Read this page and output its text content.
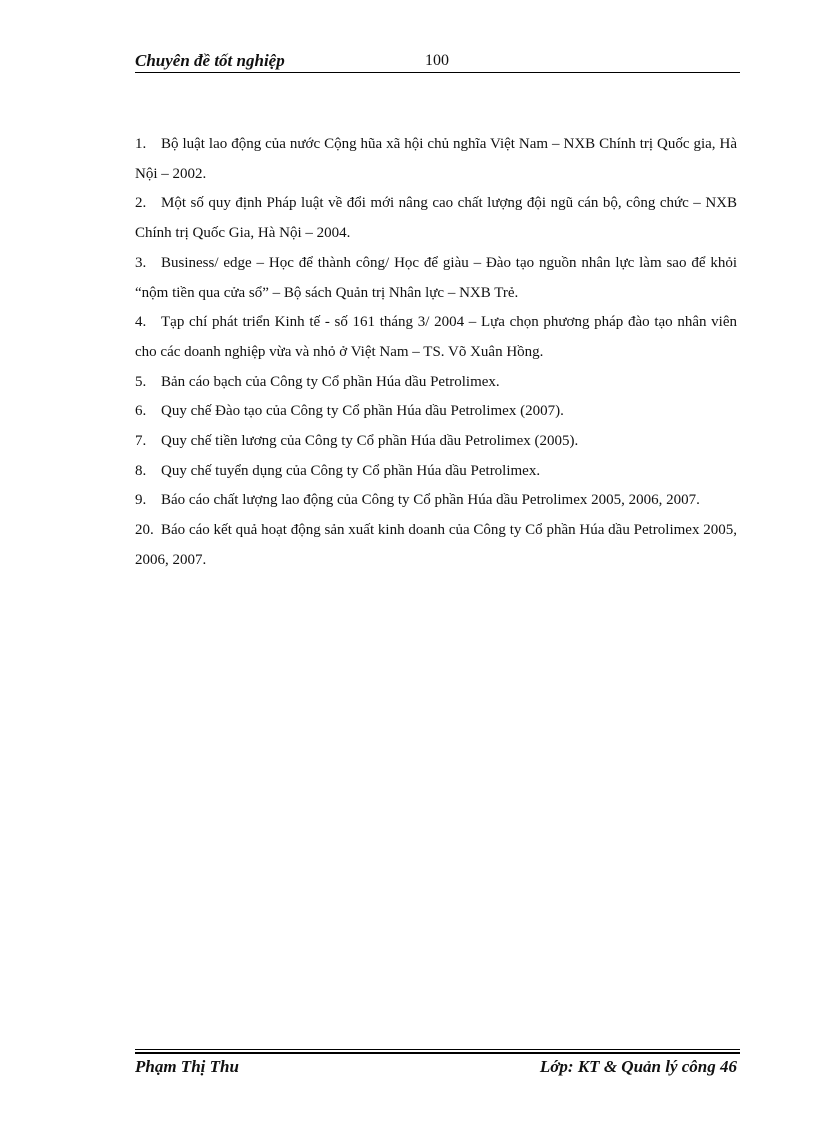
Chuyên đề tốt nghiệp	100
1. Bộ luật lao động của nước Cộng hũa xã hội chủ nghĩa Việt Nam – NXB Chính trị Quốc gia, Hà Nội – 2002.
2. Một số quy định Pháp luật về đổi mới nâng cao chất lượng đội ngũ cán bộ, công chức – NXB Chính trị Quốc Gia, Hà Nội – 2004.
3. Business/ edge – Học để thành công/ Học để giàu – Đào tạo nguồn nhân lực làm sao để khỏi “nộm tiền qua cửa sổ” – Bộ sách Quản trị Nhân lực – NXB Trẻ.
4. Tạp chí phát triển Kinh tế - số 161 tháng 3/ 2004 – Lựa chọn phương pháp đào tạo nhân viên cho các doanh nghiệp vừa và nhỏ ở Việt Nam – TS. Võ Xuân Hồng.
5. Bản cáo bạch của Công ty Cổ phần Húa dầu Petrolimex.
6. Quy chế Đào tạo của Công ty Cổ phần Húa dầu Petrolimex (2007).
7. Quy chế tiền lương của Công ty Cổ phần Húa dầu Petrolimex (2005).
8. Quy chế tuyển dụng của Công ty Cổ phần Húa dầu Petrolimex.
9. Báo cáo chất lượng lao động của Công ty Cổ phần Húa dầu Petrolimex 2005, 2006, 2007.
20. Báo cáo kết quả hoạt động sản xuất kinh doanh của Công ty Cổ phần Húa dầu Petrolimex 2005, 2006, 2007.
Phạm Thị Thu	Lớp: KT & Quản lý công 46
